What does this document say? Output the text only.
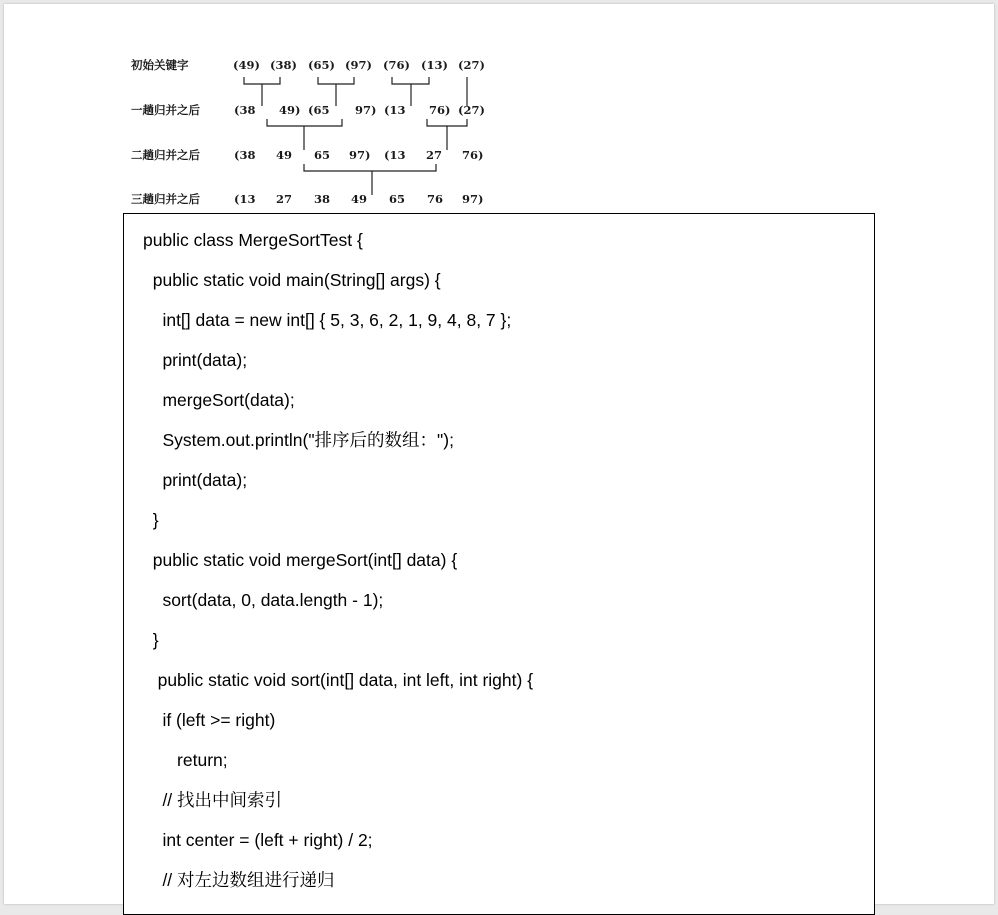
初始关键字	(49) (38) (65) (97) (76) (13) (27)
一趟归并之后	(38 49) (65 97) (13 76) (27)
二趟归并之后	(38 49 65 97) (13 27 76)
三趟归并之后	(13 27 38 49 65 76 97)
public class MergeSortTest {
public static void main(String[] args) {
int[] data = new int[] { 5, 3, 6, 2, 1, 9, 4, 8, 7 };
print(data);
mergeSort(data);
System.out.println("排序后的数组：");
print(data);
}
public static void mergeSort(int[] data) {
sort(data, 0, data.length - 1);
}
public static void sort(int[] data, int left, int right) {
if (left >= right)
return;
// 找出中间索引
int center = (left + right) / 2;
// 对左边数组进行递归
